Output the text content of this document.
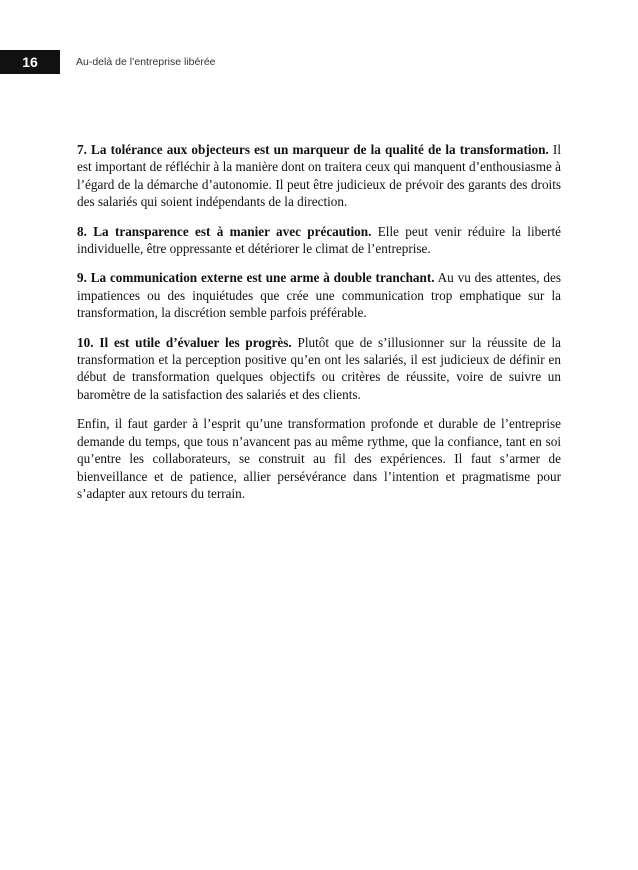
16	Au-delà de l’entreprise libérée

7. La tolérance aux objecteurs est un marqueur de la qualité de la transformation. Il est important de réfléchir à la manière dont on traitera ceux qui manquent d’enthousiasme à l’égard de la démarche d’autonomie. Il peut être judicieux de prévoir des garants des droits des salariés qui soient indépendants de la direction.

8. La transparence est à manier avec précaution. Elle peut venir réduire la liberté individuelle, être oppressante et détériorer le climat de l’entreprise.

9. La communication externe est une arme à double tranchant. Au vu des attentes, des impatiences ou des inquiétudes que crée une communication trop emphatique sur la transformation, la discrétion semble parfois préférable.

10. Il est utile d’évaluer les progrès. Plutôt que de s’illusionner sur la réussite de la transformation et la perception positive qu’en ont les salariés, il est judicieux de définir en début de transformation quelques objectifs ou critères de réussite, voire de suivre un baromètre de la satisfaction des salariés et des clients.

Enfin, il faut garder à l’esprit qu’une transformation profonde et durable de l’entreprise demande du temps, que tous n’avancent pas au même rythme, que la confiance, tant en soi qu’entre les collaborateurs, se construit au fil des expériences. Il faut s’armer de bienveillance et de patience, allier persévérance dans l’intention et pragmatisme pour s’adapter aux retours du terrain.
